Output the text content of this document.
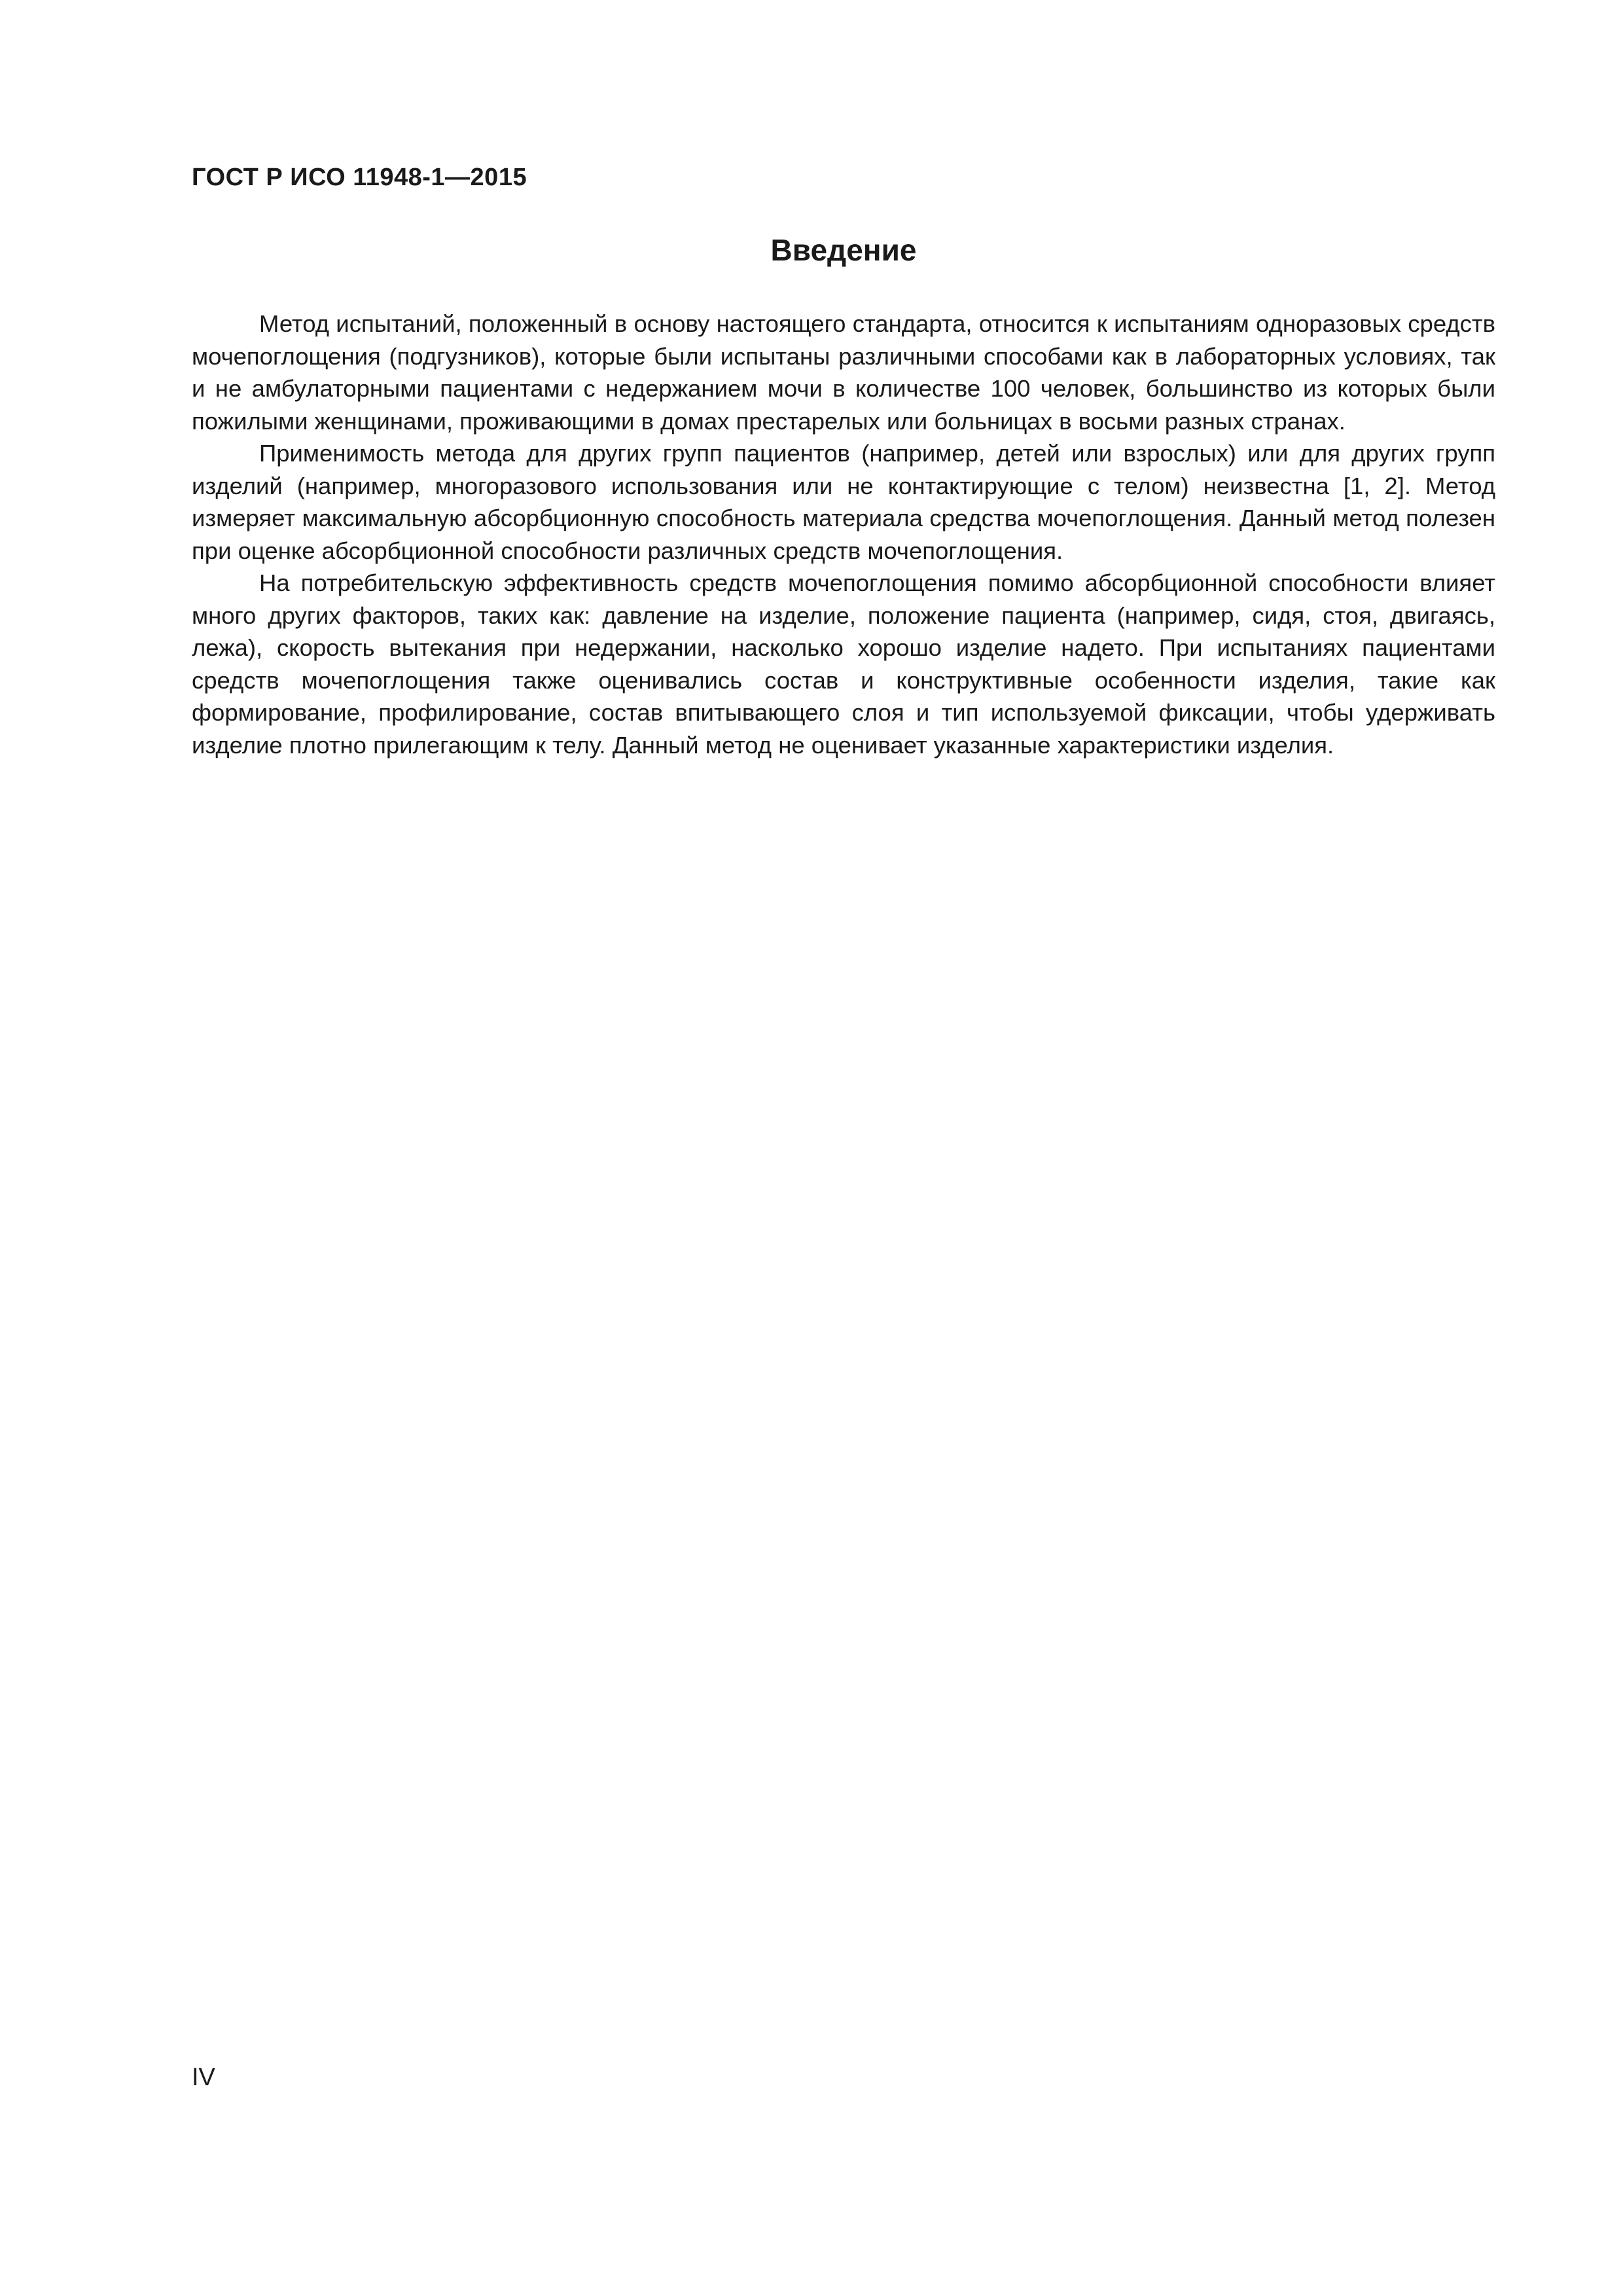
ГОСТ Р ИСО 11948-1—2015
Введение

Метод испытаний, положенный в основу настоящего стандарта, относится к испытаниям одноразовых средств мочепоглощения (подгузников), которые были испытаны различными способами как в лабораторных условиях, так и не амбулаторными пациентами с недержанием мочи в количестве 100 человек, большинство из которых были пожилыми женщинами, проживающими в домах престарелых или больницах в восьми разных странах.

Применимость метода для других групп пациентов (например, детей или взрослых) или для других групп изделий (например, многоразового использования или не контактирующие с телом) неизвестна [1, 2]. Метод измеряет максимальную абсорбционную способность материала средства мочепоглощения. Данный метод полезен при оценке абсорбционной способности различных средств мочепоглощения.

На потребительскую эффективность средств мочепоглощения помимо абсорбционной способности влияет много других факторов, таких как: давление на изделие, положение пациента (например, сидя, стоя, двигаясь, лежа), скорость вытекания при недержании, насколько хорошо изделие надето. При испытаниях пациентами средств мочепоглощения также оценивались состав и конструктивные особенности изделия, такие как формирование, профилирование, состав впитывающего слоя и тип используемой фиксации, чтобы удерживать изделие плотно прилегающим к телу. Данный метод не оценивает указанные характеристики изделия.

IV
